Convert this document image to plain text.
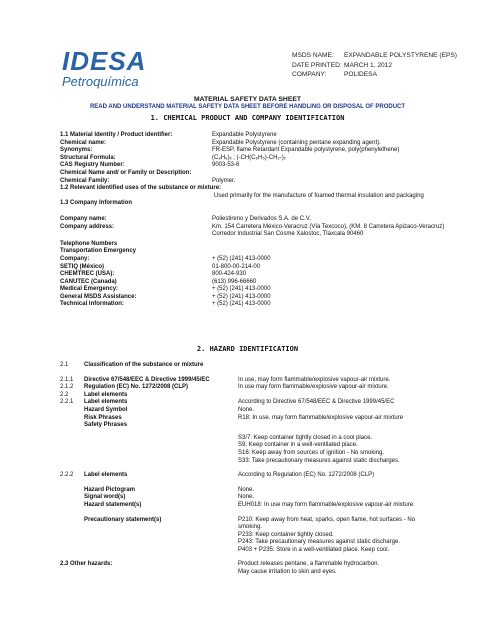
IDESA
Petroquímica
MSDS NAME: EXPANDABLE POLYSTYRENE (EPS)
DATE PRINTED: MARCH 1, 2012
COMPANY:	POLIDESA
MATERIAL SAFETY DATA SHEET
READ AND UNDERSTAND MATERIAL SAFETY DATA SHEET BEFORE HANDLING OR DISPOSAL OF PRODUCT
1. CHEMICAL PRODUCT AND COMPANY IDENTIFICATION
1.1 Material Identity / Product identifier:	Expandable Polystyrene
Chemical name:	Expandable Polystyrene (containing pentane expanding agent).
Synonyms:	FR-ESP, flame Retardant Expandable polystyrene, poly(phenylethene)
Structural Formula:	(C₈H₈)ₓ ; (-CH(C₆H₅)-CH₂-)ₓ
CAS Registry Number:	9003-53-6
Chemical Name and/ or Family or Description:
Chemical Family:	Polymer.
1.2 Relevant identified uses of the substance or mixture:
Used primarily for the manufacture of foamed thermal insulation and packaging
1.3 Company Information
Company name:	Poliestireno y Derivados S.A. de C.V.
Company address:	Km. 154 Carretera México-Veracruz (Vía Texcoco), (KM. 8 Carretera Apizaco-Veracruz) Corredor Industrial San Cosme Xalostoc, Tlaxcala 90460
Telephone Numbers
Transportation Emergency
Company:	+ (52) (241) 413-0000
SETIQ (México)	01-800-00-214-00
CHEMTREC (USA):	800-424-930
CANUTEC (Canada)	(613) 996-66660
Medical Emergency:	+ (52) (241) 413-0000
General MSDS Assistance:	+ (52) (241) 413-0000
Technical Information:	+ (52) (241) 413-0000
2. HAZARD IDENTIFICATION
2.1	Classification of the substance or mixture
2.1.1 Directive 67/548/EEC & Directive 1999/45/EC	In use, may form flammable/explosive vapour-air mixture.
2.1.2 Regulation (EC) No. 1272/2008 (CLP)	In use may form flammable/explosive vapour-air mixture.
2.2	Label elements
2.2.1 Label elements	According to Directive 67/548/EEC & Directive 1999/45/EC
Hazard Symbol	None.
Risk Phrases	R18: In use, may form flammable/explosive vapour-air mixture
Safety Phrases
S3/7: Keep container tightly closed in a cool place.
S9: Keep container in a well-ventilated place.
S16: Keep away from sources of ignition - No smoking.
S33: Take precautionary measures against static discharges.
2.2.2 Label elements	According to Regulation (EC) No. 1272/2008 (CLP)
Hazard Pictogram	None.
Signal word(s)	None.
Hazard statement(s)	EUH018: In use may form flammable/explosive vapour-air mixture.
Precautionary statement(s)	P210: Keep away from heat, sparks, open flame, hot surfaces - No
smoking.
P233: Keep container tightly closed.
P243: Take precautionary measures against static discharge.
P403 + P235: Store in a well-ventilated place. Keep cool.
2.3 Other hazards:	Product releases pentane, a flammable hydrocarbon.
May cause irritation to skin and eyes.
